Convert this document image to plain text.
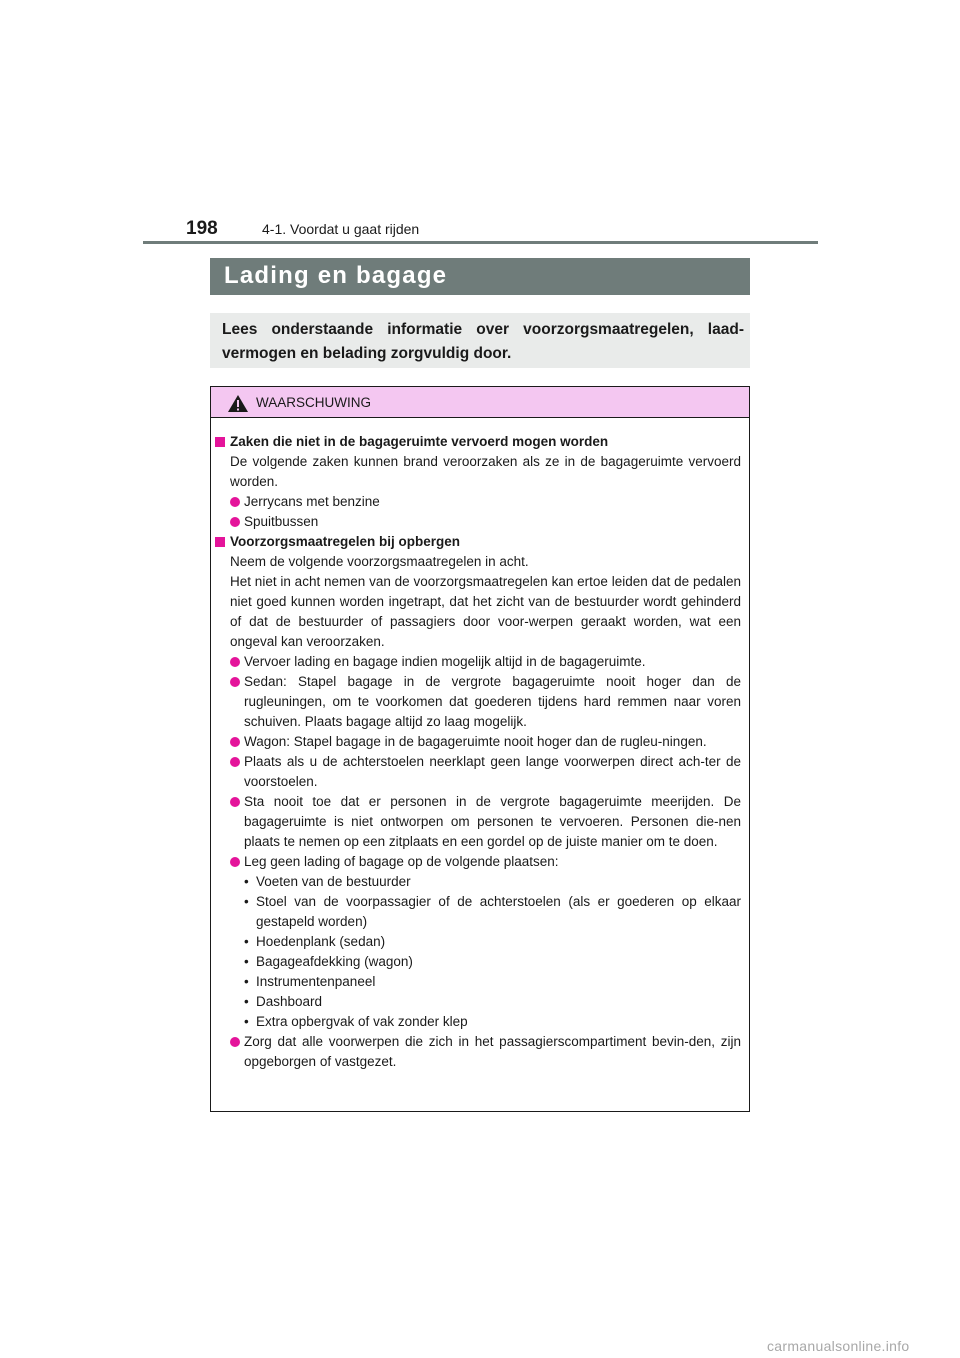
198	4-1. Voordat u gaat rijden
Lading en bagage
Lees onderstaande informatie over voorzorgsmaatregelen, laad-vermogen en belading zorgvuldig door.
WAARSCHUWING
Zaken die niet in de bagageruimte vervoerd mogen worden
De volgende zaken kunnen brand veroorzaken als ze in de bagageruimte vervoerd worden.
Jerrycans met benzine
Spuitbussen
Voorzorgsmaatregelen bij opbergen
Neem de volgende voorzorgsmaatregelen in acht.
Het niet in acht nemen van de voorzorgsmaatregelen kan ertoe leiden dat de pedalen niet goed kunnen worden ingetrapt, dat het zicht van de bestuurder wordt gehinderd of dat de bestuurder of passagiers door voor-werpen geraakt worden, wat een ongeval kan veroorzaken.
Vervoer lading en bagage indien mogelijk altijd in de bagageruimte.
Sedan: Stapel bagage in de vergrote bagageruimte nooit hoger dan de rugleuningen, om te voorkomen dat goederen tijdens hard remmen naar voren schuiven. Plaats bagage altijd zo laag mogelijk.
Wagon: Stapel bagage in de bagageruimte nooit hoger dan de rugleu-ningen.
Plaats als u de achterstoelen neerklapt geen lange voorwerpen direct ach-ter de voorstoelen.
Sta nooit toe dat er personen in de vergrote bagageruimte meerijden. De bagageruimte is niet ontworpen om personen te vervoeren. Personen die-nen plaats te nemen op een zitplaats en een gordel op de juiste manier om te doen.
Leg geen lading of bagage op de volgende plaatsen:
• Voeten van de bestuurder
• Stoel van de voorpassagier of de achterstoelen (als er goederen op elkaar gestapeld worden)
• Hoedenplank (sedan)
• Bagageafdekking (wagon)
• Instrumentenpaneel
• Dashboard
• Extra opbergvak of vak zonder klep
Zorg dat alle voorwerpen die zich in het passagierscompartiment bevin-den, zijn opgeborgen of vastgezet.
carmanualsonline.info
